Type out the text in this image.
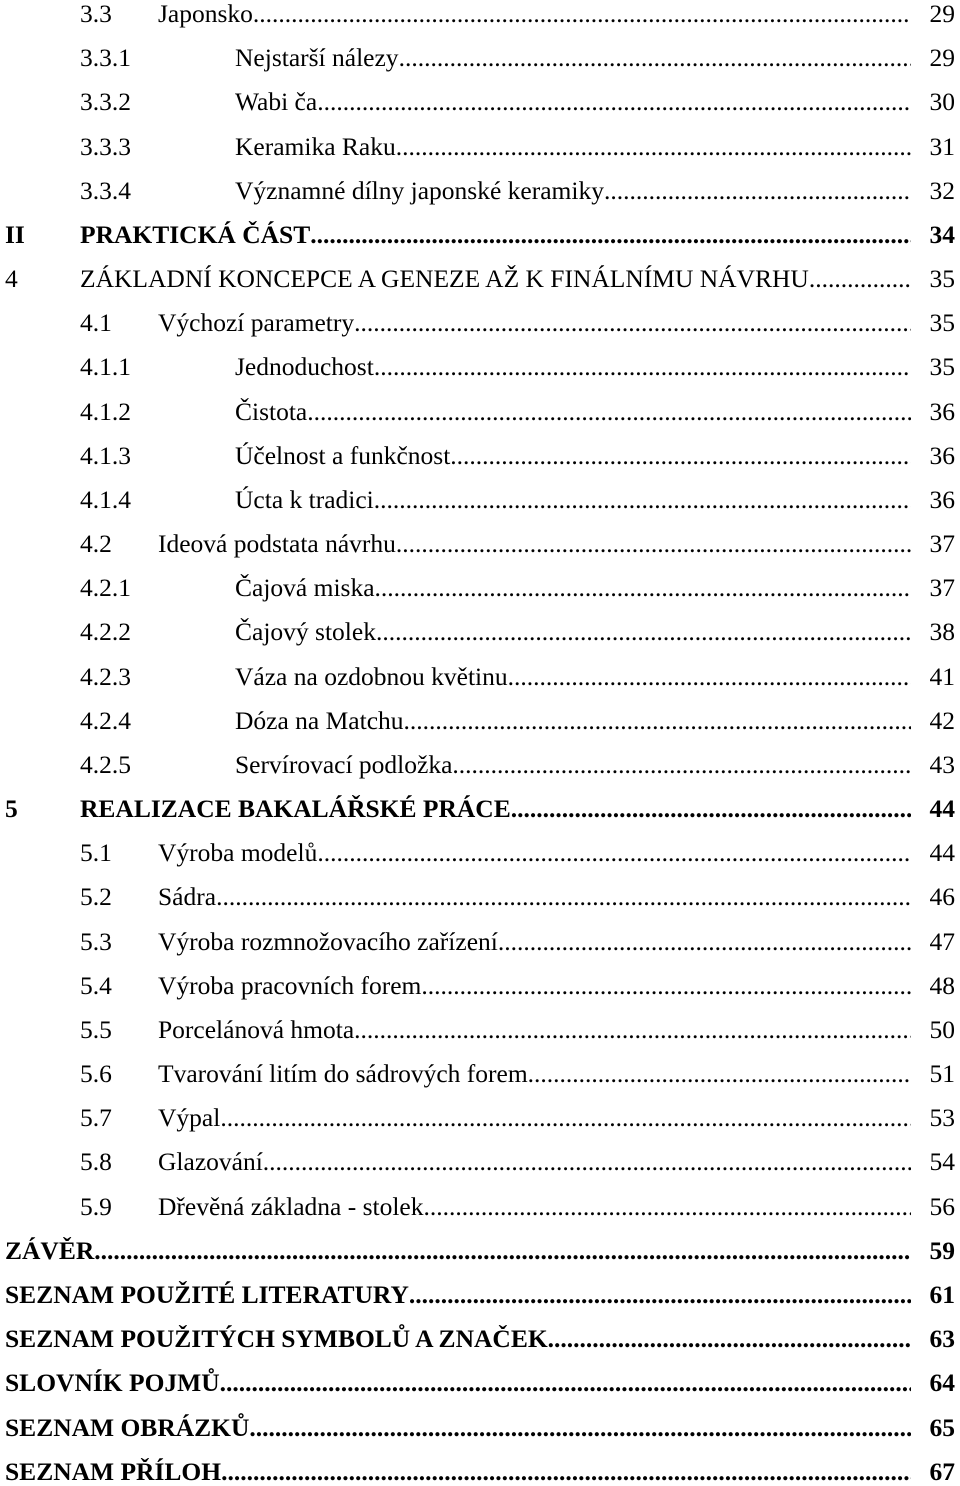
3.3	Japonsko .....	29
3.3.1	Nejstarší nálezy .....	29
3.3.2	Wabi ča .....	30
3.3.3	Keramika Raku .....	31
3.3.4	Významné dílny japonské keramiky .....	32
II	PRAKTICKÁ ČÁST .....	34
4	ZÁKLADNÍ KONCEPCE A GENEZE AŽ K FINÁLNÍMU NÁVRHU .....	35
4.1	Výchozí parametry .....	35
4.1.1	Jednoduchost .....	35
4.1.2	Čistota .....	36
4.1.3	Účelnost a funkčnost .....	36
4.1.4	Úcta k tradici .....	36
4.2	Ideová podstata návrhu .....	37
4.2.1	Čajová miska .....	37
4.2.2	Čajový stolek .....	38
4.2.3	Váza na ozdobnou květinu .....	41
4.2.4	Dóza na Matchu .....	42
4.2.5	Servírovací podložka .....	43
5	REALIZACE BAKALÁŘSKÉ PRÁCE .....	44
5.1	Výroba modelů .....	44
5.2	Sádra .....	46
5.3	Výroba rozmnožovacího zařízení .....	47
5.4	Výroba pracovních forem .....	48
5.5	Porcelánová hmota .....	50
5.6	Tvarování litím do sádrových forem .....	51
5.7	Výpal .....	53
5.8	Glazování .....	54
5.9	Dřevěná základna - stolek .....	56
ZÁVĚR .....	59
SEZNAM POUŽITÉ LITERATURY .....	61
SEZNAM POUŽITÝCH SYMBOLŮ A ZNAČEK .....	63
SLOVNÍK POJMŮ .....	64
SEZNAM OBRÁZKŮ .....	65
SEZNAM PŘÍLOH .....	67
